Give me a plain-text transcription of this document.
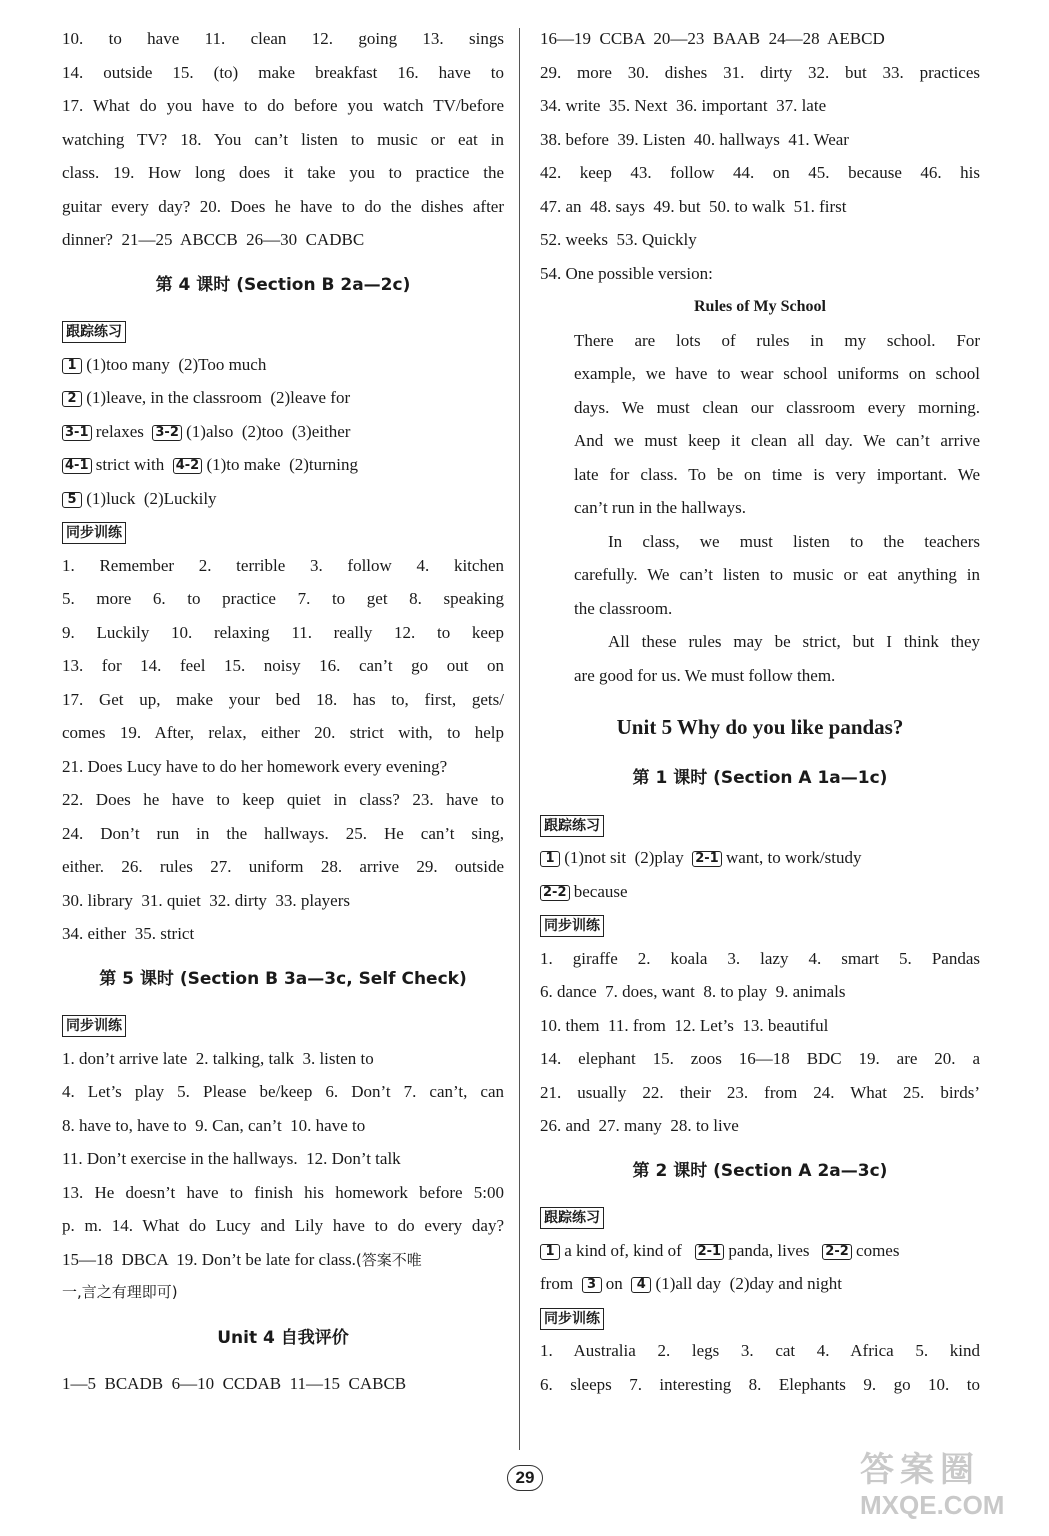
10. to have 11. clean 12. going 13. sings
14. outside 15. (to) make breakfast 16. have to
17. What do you have to do before you watch TV/before
watching TV? 18. You can’t listen to music or eat in
class. 19. How long does it take you to practice the
guitar every day? 20. Does he have to do the dishes after
dinner?  21—25  ABCCB  26—30  CADBC
第 4 课时 (Section B 2a—2c)
跟踪练习
1 (1)too many  (2)Too much
2 (1)leave, in the classroom  (2)leave for
3-1 relaxes 3-2 (1)also  (2)too  (3)either
4-1 strict with 4-2 (1)to make  (2)turning
5 (1)luck  (2)Luckily
同步训练
1. Remember 2. terrible 3. follow 4. kitchen
5. more 6. to practice 7. to get 8. speaking
9. Luckily 10. relaxing 11. really 12. to keep
13. for 14. feel 15. noisy 16. can’t go out on
17. Get up, make your bed 18. has to, first, gets/
comes 19. After, relax, either 20. strict with, to help
21. Does Lucy have to do her homework every evening?
22. Does he have to keep quiet in class? 23. have to
24. Don’t run in the hallways. 25. He can’t sing,
either. 26. rules 27. uniform 28. arrive 29. outside
30. library  31. quiet  32. dirty  33. players
34. either  35. strict
第 5 课时 (Section B 3a—3c, Self Check)
同步训练
1. don’t arrive late  2. talking, talk  3. listen to
4. Let’s play 5. Please be/keep 6. Don’t 7. can’t, can
8. have to, have to  9. Can, can’t  10. have to
11. Don’t exercise in the hallways.  12. Don’t talk
13. He doesn’t have to finish his homework before 5:00
p. m. 14. What do Lucy and Lily have to do every day?
15—18  DBCA  19. Don’t be late for class.(答案不唯
一,言之有理即可)
Unit 4 自我评价
1—5  BCADB  6—10  CCDAB  11—15  CABCB
16—19  CCBA  20—23  BAAB  24—28  AEBCD
29. more 30. dishes 31. dirty 32. but 33. practices
34. write  35. Next  36. important  37. late
38. before  39. Listen  40. hallways  41. Wear
42. keep 43. follow 44. on 45. because 46. his
47. an  48. says  49. but  50. to walk  51. first
52. weeks  53. Quickly
54. One possible version:
Rules of My School
There are lots of rules in my school. For
example, we have to wear school uniforms on school
days. We must clean our classroom every morning.
And we must keep it clean all day. We can’t arrive
late for class. To be on time is very important. We
can’t run in the hallways.
In class, we must listen to the teachers
carefully. We can’t listen to music or eat anything in
the classroom.
All these rules may be strict, but I think they
are good for us. We must follow them.
Unit 5 Why do you like pandas?
第 1 课时 (Section A 1a—1c)
跟踪练习
1 (1)not sit  (2)play 2-1 want, to work/study
2-2 because
同步训练
1. giraffe 2. koala 3. lazy 4. smart 5. Pandas
6. dance  7. does, want  8. to play  9. animals
10. them  11. from  12. Let’s  13. beautiful
14. elephant 15. zoos 16—18 BDC 19. are 20. a
21. usually 22. their 23. from 24. What 25. birds’
26. and  27. many  28. to live
第 2 课时 (Section A 2a—3c)
跟踪练习
1 a kind of, kind of 2-1 panda, lives 2-2 comes
from 3 on 4 (1)all day  (2)day and night
同步训练
1. Australia 2. legs 3. cat 4. Africa 5. kind
6. sleeps 7. interesting 8. Elephants 9. go 10. to
29	答案圈
MXQE.COM
